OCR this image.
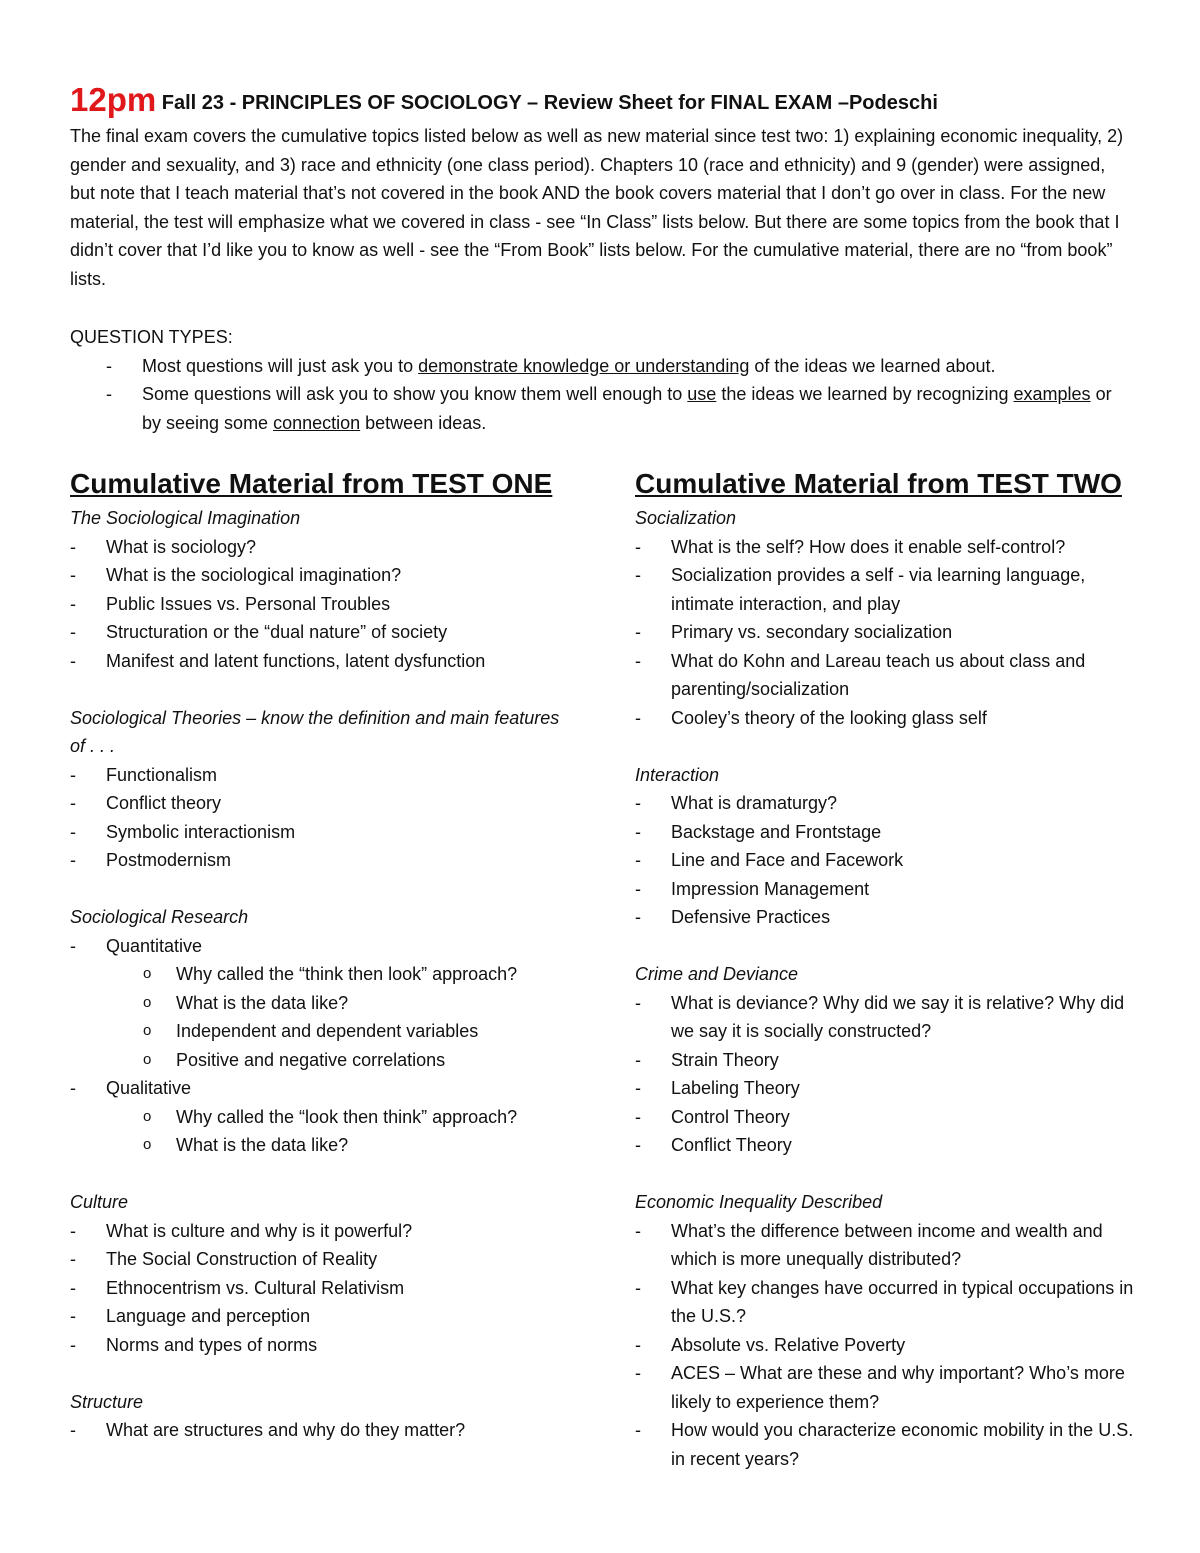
12pm Fall 23 - PRINCIPLES OF SOCIOLOGY – Review Sheet for FINAL EXAM –Podeschi

The final exam covers the cumulative topics listed below as well as new material since test two: 1) explaining economic inequality, 2) gender and sexuality, and 3) race and ethnicity (one class period). Chapters 10 (race and ethnicity) and 9 (gender) were assigned, but note that I teach material that’s not covered in the book AND the book covers material that I don’t go over in class. For the new material, the test will emphasize what we covered in class - see “In Class” lists below. But there are some topics from the book that I didn’t cover that I’d like you to know as well - see the “From Book” lists below. For the cumulative material, there are no “from book” lists.

QUESTION TYPES:

- Most questions will just ask you to demonstrate knowledge or understanding of the ideas we learned about.
- Some questions will ask you to show you know them well enough to use the ideas we learned by recognizing examples or by seeing some connection between ideas.
Cumulative Material from TEST ONE

The Sociological Imagination

- What is sociology?
- What is the sociological imagination?
- Public Issues vs. Personal Troubles
- Structuration or the “dual nature” of society
- Manifest and latent functions, latent dysfunction

Sociological Theories – know the definition and main features of . . .

- Functionalism
- Conflict theory
- Symbolic interactionism
- Postmodernism

Sociological Research

- Quantitative
o Why called the “think then look” approach?
o What is the data like?
o Independent and dependent variables
o Positive and negative correlations
- Qualitative
o Why called the “look then think” approach?
o What is the data like?

Culture

- What is culture and why is it powerful?
- The Social Construction of Reality
- Ethnocentrism vs. Cultural Relativism
- Language and perception
- Norms and types of norms

Structure

- What are structures and why do they matter?
Cumulative Material from TEST TWO

Socialization

- What is the self? How does it enable self-control?
- Socialization provides a self - via learning language, intimate interaction, and play
- Primary vs. secondary socialization
- What do Kohn and Lareau teach us about class and parenting/socialization
- Cooley’s theory of the looking glass self

Interaction

- What is dramaturgy?
- Backstage and Frontstage
- Line and Face and Facework
- Impression Management
- Defensive Practices

Crime and Deviance

- What is deviance? Why did we say it is relative? Why did we say it is socially constructed?
- Strain Theory
- Labeling Theory
- Control Theory
- Conflict Theory

Economic Inequality Described

- What’s the difference between income and wealth and which is more unequally distributed?
- What key changes have occurred in typical occupations in the U.S.?
- Absolute vs. Relative Poverty
- ACES – What are these and why important? Who’s more likely to experience them?
- How would you characterize economic mobility in the U.S. in recent years?
